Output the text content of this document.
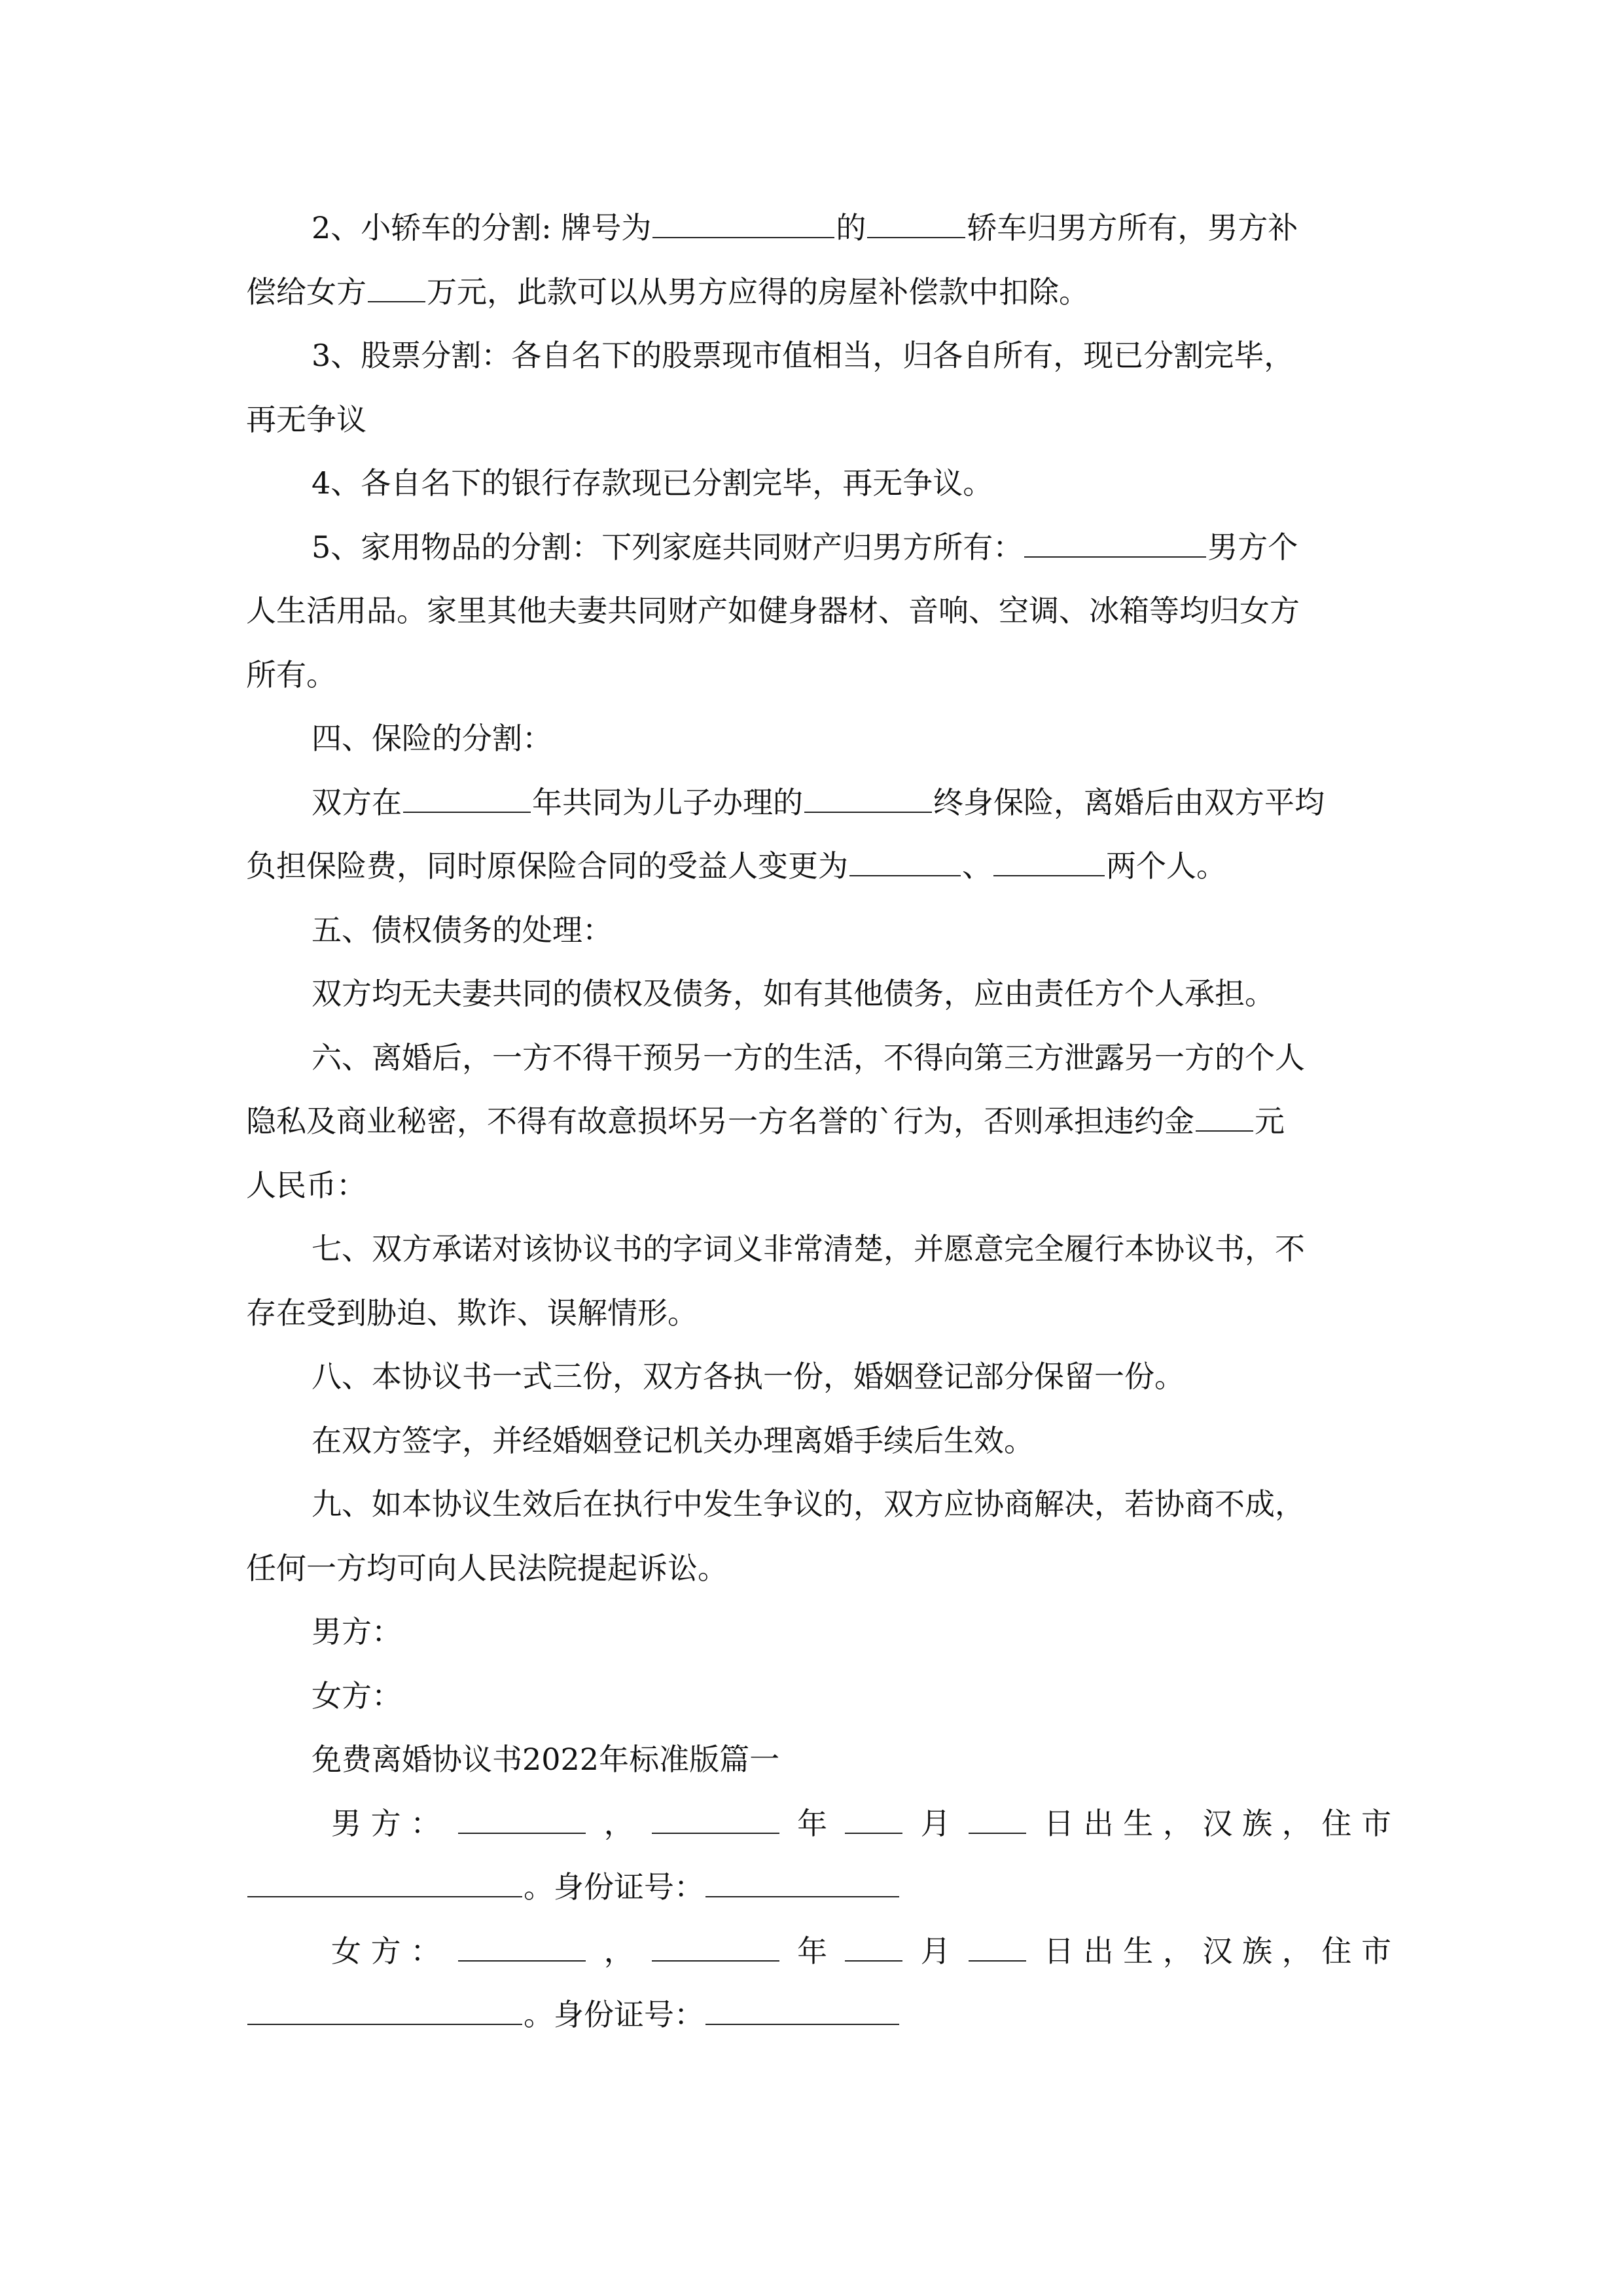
2、小轿车的分割: 牌号为	的	轿车归男方所有，男方补
偿给女方 万元，此款可以从男方应得的房屋补偿款中扣除。
3、股票分割：各自名下的股票现市值相当，归各自所有，现已分割完毕，
再无争议
4、各自名下的银行存款现已分割完毕，再无争议。
5、家用物品的分割：下列家庭共同财产归男方所有：	男方个
人生活用品。家里其他夫妻共同财产如健身器材、音响、空调、冰箱等均归女方
所有。
四、保险的分割：
双方在	年共同为儿子办理的	终身保险，离婚后由双方平均
负担保险费，同时原保险合同的受益人变更为	、	两个人。
五、债权债务的处理：
双方均无夫妻共同的债权及债务，如有其他债务，应由责任方个人承担。
六、离婚后，一方不得干预另一方的生活，不得向第三方泄露另一方的个人
隐私及商业秘密，不得有故意损坏另一方名誉的`行为，否则承担违约金 元
人民币：
七、双方承诺对该协议书的字词义非常清楚，并愿意完全履行本协议书，不
存在受到胁迫、欺诈、误解情形。
八、本协议书一式三份，双方各执一份，婚姻登记部分保留一份。
在双方签字，并经婚姻登记机关办理离婚手续后生效。
九、如本协议生效后在执行中发生争议的，双方应协商解决，若协商不成，
任何一方均可向人民法院提起诉讼。
男方：
女方：
免费离婚协议书2022年标准版篇一
男 方 ：	，	年	月	日 出 生 ， 汉 族 ， 住 市
。身份证号：
女 方 ：	，	年	月	日 出 生 ， 汉 族 ， 住 市
。身份证号：
